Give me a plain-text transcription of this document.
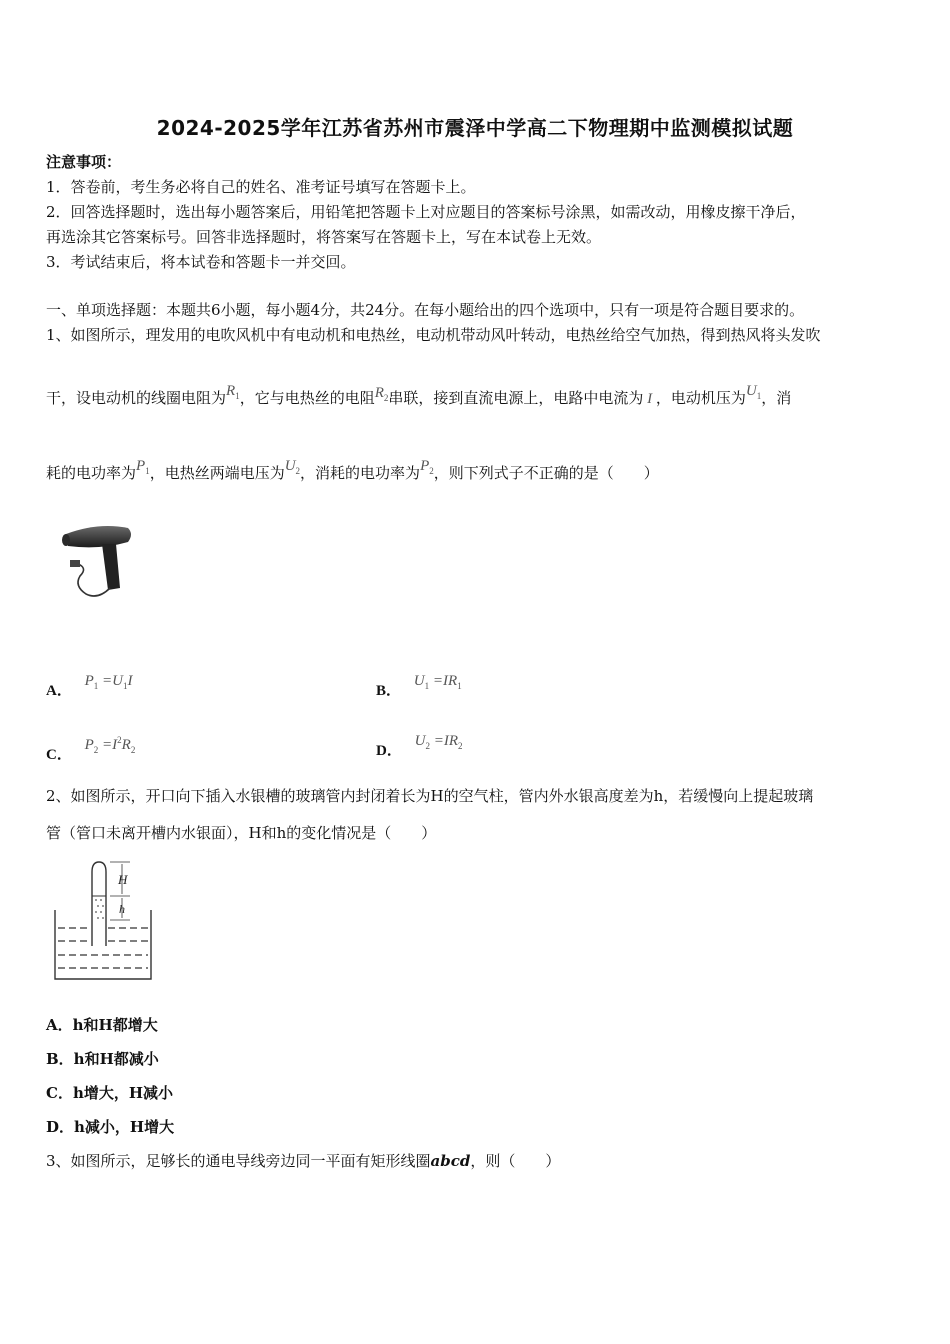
2024-2025学年江苏省苏州市震泽中学高二下物理期中监测模拟试题
注意事项：
1．答卷前，考生务必将自己的姓名、准考证号填写在答题卡上。
2．回答选择题时，选出每小题答案后，用铅笔把答题卡上对应题目的答案标号涂黑，如需改动，用橡皮擦干净后，
再选涂其它答案标号。回答非选择题时，将答案写在答题卡上，写在本试卷上无效。
3．考试结束后，将本试卷和答题卡一并交回。
一、单项选择题：本题共6小题，每小题4分，共24分。在每小题给出的四个选项中，只有一项是符合题目要求的。
1、如图所示，理发用的电吹风机中有电动机和电热丝，电动机带动风叶转动，电热丝给空气加热，得到热风将头发吹
干，设电动机的线圈电阻为$R_1$，它与电热丝的电阻$R_2$串联，接到直流电源上，电路中电流为 I ，电动机压为$U_1$，消
耗的电功率为$P_1$，电热丝两端电压为$U_2$，消耗的电功率为$P_2$，则下列式子不正确的是（　　）
A． $P_1 =U_1I$
B． $U_1 =IR_1$
C． $P_2 =I^2R_2$	D． $U_2 =IR_2$
2、如图所示，开口向下插入水银槽的玻璃管内封闭着长为H的空气柱，管内外水银高度差为h，若缓慢向上提起玻璃
管（管口未离开槽内水银面），H和h的变化情况是（　　）
H
h
A．h和H都增大
B．h和H都减小
C．h增大，H减小
D．h减小，H增大
3、如图所示，足够长的通电导线旁边同一平面有矩形线圈abcd，则（　　）
